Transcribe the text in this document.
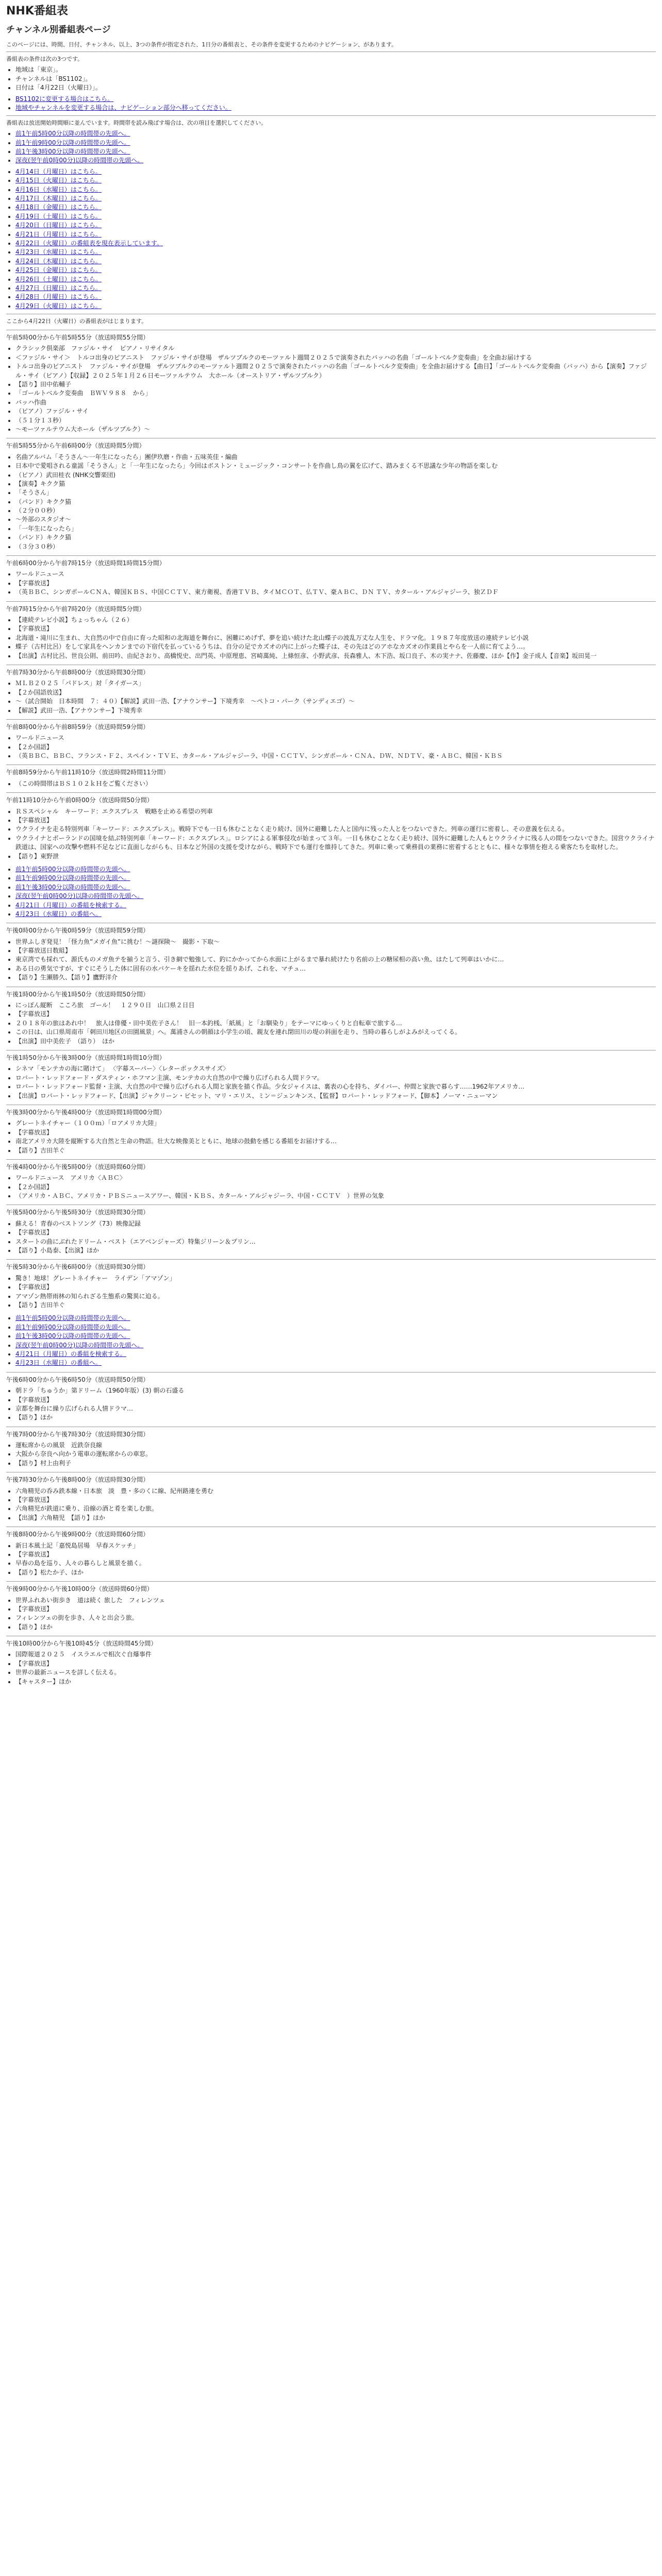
NHK番組表
チャンネル別番組表ページ

このページには、時間、日付、チャンネル、以上、3つの条件が指定された、1日分の番組表と、その条件を変更するためのナビゲーション、があります。

番組表の条件は次の3つです。

• 地域は「東京」。
• チャンネルは「BS1102」。
• 日付は「4月22日（火曜日）」。
• BS1102に変更する場合はこちら。
• 地域やチャンネルを変更する場合は、ナビゲーション部分へ移ってください。

番組表は放送開始時間順に並んでいます。時間帯を読み飛ばす場合は、次の項目を選択してください。

• 前1午前5時00分以降の時間帯の先頭へ。
• 前1午前9時00分以降の時間帯の先頭へ。
• 前1午後3時00分以降の時間帯の先頭へ。
• 深夜(翌午前0時00分)以降の時間帯の先頭へ。
• 4月14日（月曜日）はこちら。
• 4月15日（火曜日）はこちら。
• 4月16日（水曜日）はこちら。
• 4月17日（木曜日）はこちら。
• 4月18日（金曜日）はこちら。
• 4月19日（土曜日）はこちら。
• 4月20日（日曜日）はこちら。
• 4月21日（月曜日）はこちら。
• 4月22日（火曜日）の番組表を現在表示しています。
• 4月23日（水曜日）はこちら。
• 4月24日（木曜日）はこちら。
• 4月25日（金曜日）はこちら。
• 4月26日（土曜日）はこちら。
• 4月27日（日曜日）はこちら。
• 4月28日（月曜日）はこちら。
• 4月29日（火曜日）はこちら。

ここから4月22日（火曜日）の番組表がはじまります。

午前5時00分から午前5時55分（放送時間55分間）
• クラシック倶楽部　ファジル・サイ　ピアノ・リサイタル
• ＜ファジル・サイ＞　トルコ出身のピアニスト　ファジル・サイが登場　ザルツブルクのモーツァルト週間２０２５で演奏されたバッハの名曲「ゴールトベルク変奏曲」を全曲お届けする
• トルコ出身のピアニスト　ファジル・サイが登場　ザルツブルクのモーツァルト週間２０２５で演奏されたバッハの名曲「ゴールトベルク変奏曲」を全曲お届けする【曲目】「ゴールトベルク変奏曲（バッハ）から【演奏】ファジル・サイ（ピアノ）【収録】２０２５年１月２６日モーツァルテウム　大ホール（オーストリア・ザルツブルク）
• 【語り】田中佑輔子
• 「ゴールトベルク変奏曲　ＢＷＶ９８８　から」
• バッハ作曲
• （ピアノ）ファジル・サイ
• （５１分１３秒）
• ～モーツァルテウム大ホール（ザルツブルク）～
午前5時55分から午前6時00分（放送時間5分間）
• 名曲アルバム「そうさん〜一年生になったら」團伊玖磨・作曲・五味英佳・編曲
• 日本中で愛唱される童謡「そうさん」と「一年生になったら」今回はボストン・ミュージック・コンサートを作曲し鳥の翼を広げて、踏みまくる不思議な少年の物語を楽しむ
• （ピアノ）武田桂衣 (NHK交響楽団)
• 【演奏】キクク猫
• 「そうさん」
• （パンド）キクク猫
• （２分００秒）
• 〜外部のスタジオ〜
• 「一年生になったら」
• （パンド）キクク猫
• （３分３０秒）
午前6時00分から午前7時15分（放送時間1時間15分間）
• ワールドニュース
• 【字幕放送】
• （英ＢＢＣ、シンガポールＣＮＡ、韓国ＫＢＳ、中国ＣＣＴＶ、東方衛視、香港ＴＶＢ、タイＭＣＯＴ、仏ＴＶ、豪ＡＢＣ、ＤＮ ＴＶ、カタール・アルジャジーラ、独ＺＤＦ
午前7時15分から午前7時20分（放送時間5分間）
• 【連続テレビ小説】ちょっちゃん（２６）
• 【字幕放送】
• 北海道・滝川に生まれ、大自然の中で自由に育った昭和の北海道を舞台に、困難にめげず、夢を追い続けた北山蝶子の波乱万丈な人生を、ドラマ化。１９８７年度放送の連続テレビ小説
• 蝶子（古村比呂）をして家具をヘンカンまでの下宿代を払っているうちは、自分の足でカズオの内に上がった蝶子は、その先ほどのアホなカズオの作業員とやらを一人前に育てよう…。
• 【出演】古村比呂、世良公則、前田吟、由紀さおり、高橋悦史、出門英、中原理恵、宮崎萬純、上條恒彦、小野武彦、長森雅人、木下浩、坂口良子、木の実ナナ、佐藤慶、ほか【作】金子成人【音楽】坂田晃一
午前7時30分から午前8時00分（放送時間30分間）
• ＭＬＢ２０２５「パドレス」対「タイガース」
• 【２か国語放送】
• 〜（試合開始　日本時間　７：４０）【解説】武田一浩、【アナウンサー】下境秀幸　〜ペトコ・パーク（サンディエゴ）〜
• 【解説】武田一浩、【アナウンサー】下境秀幸
午前8時00分から午前8時59分（放送時間59分間）
• ワールドニュース
• 【２か国語】
• （英ＢＢＣ、ＢＢＣ、フランス・Ｆ２、スペイン・ＴＶＥ、カタール・アルジャジーラ、中国・ＣＣＴＶ、シンガポール・ＣＮＡ、ＤＷ、ＮＤＴＶ、豪・ＡＢＣ、韓国・ＫＢＳ
午前8時59分から午前11時10分（放送時間2時間11分間）
• （この時間帯はＢＳ１０２ｋＨをご覧ください）
午前11時10分から午前0時00分（放送時間50分間）
• ＲＳスペシャル　キーワード：エクスプレス　戦略を止める希望の列車
• 【字幕放送】
• ウクライナを走る特別列車「キーワード：エクスプレス」。戦時下でも一日も休むことなく走り続け、国外に避難した人と国内に残った人とをつないできた。列車の運行に密着し、その意義を伝える。
• ウクライナとポーランドの国境を結ぶ特別列車「キーワード：エクスプレス」。ロシアによる軍事侵攻が始まって３年。一日も休むことなく走り続け、国外に避難した人もとウクライナに残る人の間をつないできた。国営ウクライナ鉄道は、国家への攻撃や燃料不足などに直面しながらも、日本など外国の支援を受けながら、戦時下でも運行を維持してきた。列車に乗って乗務員の業務に密着するとともに、様々な事情を抱える乗客たちを取材した。
• 【語り】東野泄
• 前1午前5時00分以降の時間帯の先頭へ。
• 前1午前9時00分以降の時間帯の先頭へ。
• 前1午後3時00分以降の時間帯の先頭へ。
• 深夜(翌午前0時00分)以降の時間帯の先頭へ。
• 4月21日（月曜日）の番組を検索する。
• 4月23日（水曜日）の番組へ。
午後0時00分から午後0時59分（放送時間59分間）
• 世界ふしぎ発見！「怪力魚”メガイ魚”に挑む！〜謎探険〜　撮影・下取〜
• 【字幕放送日数組】
• 東京湾でも採れて、源氏ものメガ魚テを揃うと言う、引き網で勉強して、釣にかかってから水面に上がるまで暴れ続けたり名前の上の糖尿相の高い魚、はたして列車はいかに…
• ある日の勇気ですが、すぐにそうした体に固有の水バケーキを揺れた水位を揺りあげ、これを、マチュ…
• 【語り】生瀬勝久、【語り】鷹野洋介
午後1時00分から午後1時50分（放送時間50分間）
• にっぽん縦断　こころ旅　ゴール！　１２９０日　山口県２日目
• 【字幕放送】
• ２０１８年の旅はあれ中！　旅人は俳優・田中美佐子さん！　旧一本釣桟、「紙風」と「お馴染り」をテーマにゆっくりと自転車で旅する…
• この日は、山口県周南市「刺田川地区の田園風景」へ。萬浦さんの朝顔は小学生の頃、親友を連れ閉田川の堤の斜面を走り、当時の暮らしがよみがえってくる。
• 【出演】田中美佐子　（語り）　ほか
午後1時50分から午後3時00分（放送時間1時間10分間）
• シネマ「モンテカの海に賭けて」 〈字幕スーパー〉〈レターボックスサイズ〉
• ロバート・レッドフォード・ダスティン・ホフマン主演、モンテカの大自然の中で繰り広げられる人間ドラマ。
• ロバート・レッドフォード監督・主演、大自然の中で繰り広げられる人間と家族を描く作品。少女ジャイスは、裏表の心を持ち、ダイバー、仲間と家族で暮らす……1962年アメリカ…
• 【出演】ロバート・レッドフォード、【出演】ジャクリーン・ビセット、マリ・エリス、ミン＝ジェンキンス、【監督】ロバート・レッドフォード、【脚本】ノーマ・ニューマン
午後3時00分から午後4時00分（放送時間1時間00分間）
• グレートネイチャー（１００ｍ）「ロアメリカ大陸」
• 【字幕放送】
• 南北アメリカ大陸を縦断する大自然と生命の物語。壮大な映像美とともに、地球の鼓動を感じる番組をお届けする…
• 【語り】吉田羊ぐ
午後4時00分から午後5時00分（放送時間60分間）
• ワールドニュース　アメリカ〈ＡＢＣ〉
• 【２か国語】
• （アメリカ・ＡＢＣ、アメリカ・ＰＢＳニュースアワー、韓国・ＫＢＳ、カタール・アルジャジーラ、中国・ＣＣＴＶ　）世界の気象
午後5時00分から午後5時30分（放送時間30分間）
• 蘇える！青春のベストソング（73）映像記録
• 【字幕放送】
• スタートの曲にぶれたドリーム・ベスト（エアベンジャーズ）特集ジリーン＆プリン…
• 【語り】小島泰、【出演】ほか
午後5時30分から午後6時00分（放送時間30分間）
• 驚き！地球！グレートネイチャー　ライデン「アマゾン」
• 【字幕放送】
• アマゾン熱帯雨林の知られざる生態系の驚異に迫る。
• 【語り】吉田羊ぐ
• 前1午前5時00分以降の時間帯の先頭へ。
• 前1午前9時00分以降の時間帯の先頭へ。
• 前1午後3時00分以降の時間帯の先頭へ。
• 深夜(翌午前0時00分)以降の時間帯の先頭へ。
• 4月21日（月曜日）の番組を検索する。
• 4月23日（水曜日）の番組へ。
午後6時00分から午後6時50分（放送時間50分間）
• 朝ドラ「ちゅうか」第ドリーム（1960年版）(3) 朝の石盛る
• 【字幕放送】
• 京都を舞台に繰り広げられる人情ドラマ…
• 【語り】ほか
午後7時00分から午後7時30分（放送時間30分間）
• 運転席からの風景　近鉄奈良線
• 大阪から奈良へ向かう電車の運転席からの車窓。
• 【語り】村上由利子
午後7時30分から午後8時00分（放送時間30分間）
• 六角精児の呑み鉄本線・日本旅　淡　豊・多のくに線、紀州路連を勇む
• 【字幕放送】
• 六角精児が鉄道に乗り、沿線の酒と肴を楽しむ旅。
• 【出演】六角精児　【語り】ほか
午後8時00分から午後9時00分（放送時間60分間）
• 新日本風土記「嘉悦島居場　早春スケッチ」
• 【字幕放送】
• 早春の島を巡り、人々の暮らしと風景を描く。
• 【語り】松たか子、ほか
午後9時00分から午後10時00分（放送時間60分間）
• 世界ふれあい街歩き　道は続く 旅した　フィレンツェ
• 【字幕放送】
• フィレンツェの街を歩き、人々と出会う旅。
• 【語り】ほか
午後10時00分から午後10時45分（放送時間45分間）
• 国際報道２０２５　イスラエルで相次ぐ自爆事件
• 【字幕放送】
• 世界の最新ニュースを詳しく伝える。
• 【キャスター】ほか
